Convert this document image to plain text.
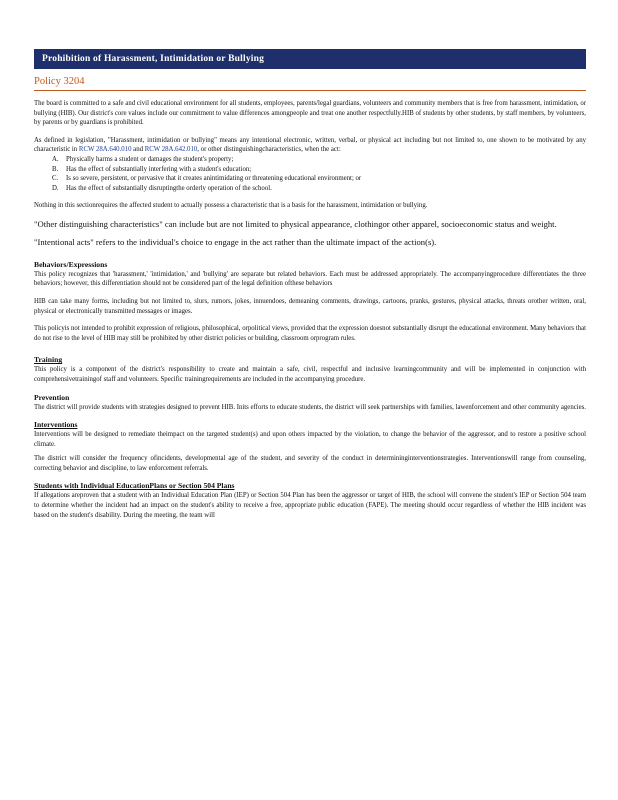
Prohibition of Harassment, Intimidation or Bullying
Policy 3204

The board is committed to a safe and civil educational environment for all students, employees, parents/legal guardians, volunteers and community members that is free from harassment, intimidation, or bullying (HIB). Our district's core values include our commitment to value differences amongpeople and treat one another respectfully.HIB of students by other students, by staff members, by volunteers, by parents or by guardians is prohibited.

As defined in legislation, "Harassment, intimidation or bullying" means any intentional electronic, written, verbal, or physical act including but not limited to, one shown to be motivated by any characteristic in RCW 28A.640.010 and RCW 28A.642.010, or other distinguishingcharacteristics, when the act:

A. Physically harms a student or damages the student's property;
B. Has the effect of substantially interfering with a student's education;
C. Is so severe, persistent, or pervasive that it creates anintimidating or threatening educational environment; or
D. Has the effect of substantially disruptingthe orderly operation of the school.

Nothing in this sectionrequires the affected student to actually possess a characteristic that is a basis for the harassment, intimidation or bullying.

"Other distinguishing characteristics" can include but are not limited to physical appearance, clothingor other apparel, socioeconomic status and weight.

"Intentional acts" refers to the individual's choice to engage in the act rather than the ultimate impact of the action(s).

Behaviors/Expressions

This policy recognizes that 'harassment,' 'intimidation,' and 'bullying' are separate but related behaviors. Each must be addressed appropriately. The accompanyingprocedure differentiates the three behaviors; however, this differentiation should not be considered part of the legal definition ofthese behaviors

HIB can take many forms, including but not limited to, slurs, rumors, jokes, innuendoes, demeaning comments, drawings, cartoons, pranks, gestures, physical attacks, threats orother written, oral, physical or electronically transmitted messages or images.

This policyis not intended to prohibit expression of religious, philosophical, orpolitical views, provided that the expression doesnot substantially disrupt the educational environment. Many behaviors that do not rise to the level of HIB may still be prohibited by other district policies or building, classroom orprogram rules.

Training

This policy is a component of the district's responsibility to create and maintain a safe, civil, respectful and inclusive learningcommunity and will be implemented in conjunction with comprehensivetrainingof staff and volunteers. Specific trainingrequirements are included in the accompanying procedure.

Prevention

The district will provide students with strategies designed to prevent HIB. Inits efforts to educate students, the district will seek partnerships with families, lawenforcement and other community agencies.

Interventions

Interventions will be designed to remediate theimpact on the targeted student(s) and upon others impacted by the violation, to change the behavior of the aggressor, and to restore a positive school climate.

The district will consider the frequency ofincidents, developmental age of the student, and severity of the conduct in determininginterventionstrategies. Interventionswill range from counseling, correcting behavior and discipline, to law enforcement referrals.

Students with Individual EducationPlans or Section 504 Plans

If allegations areproven that a student with an Individual Education Plan (IEP) or Section 504 Plan has been the aggressor or target of HIB, the school will convene the student's IEP or Section 504 team to determine whether the incident had an impact on the student's ability to receive a free, appropriate public education (FAPE). The meeting should occur regardless of whether the HIB incident was based on the student's disability. During the meeting, the team will
